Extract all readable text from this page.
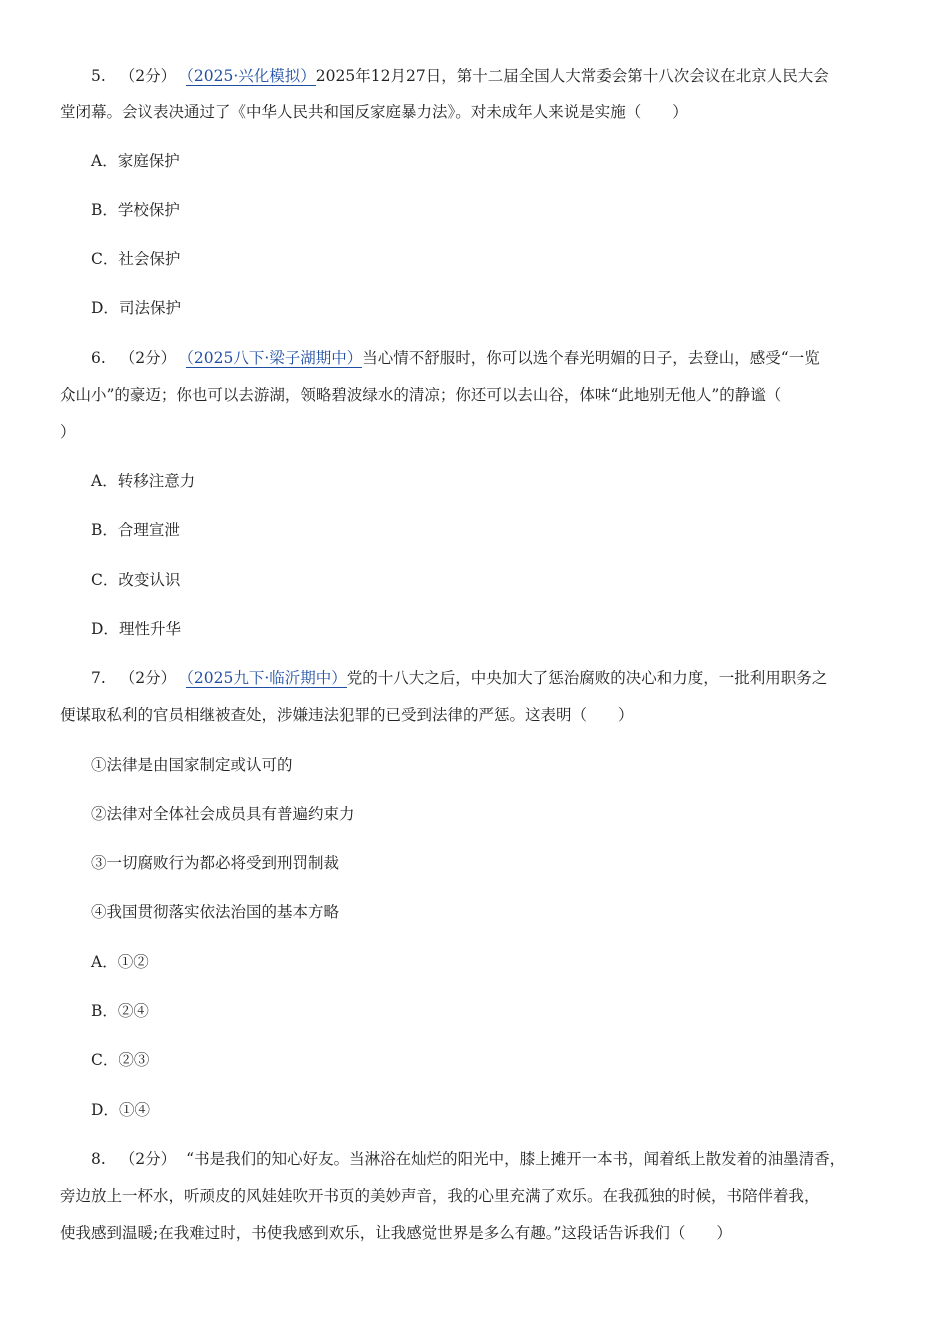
5. （2分） （2025·兴化模拟）2025年12月27日，第十二届全国人大常委会第十八次会议在北京人民大会
堂闭幕。会议表决通过了《中华人民共和国反家庭暴力法》。对未成年人来说是实施（　　）
A．家庭保护
B．学校保护
C．社会保护
D．司法保护
6. （2分） （2025八下·梁子湖期中）当心情不舒服时，你可以选个春光明媚的日子，去登山，感受“一览
众山小”的豪迈；你也可以去游湖，领略碧波绿水的清凉；你还可以去山谷，体味“此地别无他人”的静谧（
）
A．转移注意力
B．合理宣泄
C．改变认识
D．理性升华
7. （2分） （2025九下·临沂期中）党的十八大之后，中央加大了惩治腐败的决心和力度，一批利用职务之
便谋取私利的官员相继被查处，涉嫌违法犯罪的已受到法律的严惩。这表明（　　）
①法律是由国家制定或认可的
②法律对全体社会成员具有普遍约束力
③一切腐败行为都必将受到刑罚制裁
④我国贯彻落实依法治国的基本方略
A．①②
B．②④
C．②③
D．①④
8. （2分） “书是我们的知心好友。当淋浴在灿烂的阳光中，膝上摊开一本书，闻着纸上散发着的油墨清香，
旁边放上一杯水，听顽皮的风娃娃吹开书页的美妙声音，我的心里充满了欢乐。在我孤独的时候，书陪伴着我，
使我感到温暖;在我难过时，书使我感到欢乐，让我感觉世界是多么有趣。”这段话告诉我们（　　）
